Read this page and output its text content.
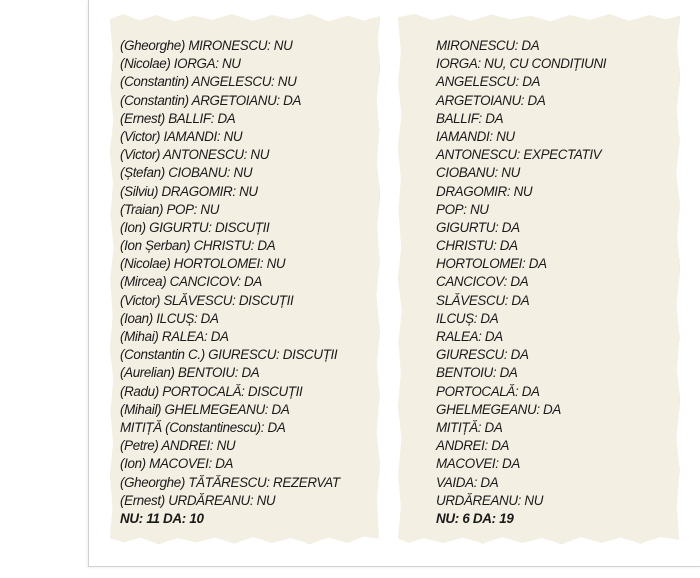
(Gheorghe) MIRONESCU: NU
(Nicolae) IORGA: NU
(Constantin) ANGELESCU: NU
(Constantin) ARGETOIANU: DA
(Ernest) BALLIF: DA
(Victor) IAMANDI: NU
(Victor) ANTONESCU: NU
(Ștefan) CIOBANU: NU
(Silviu) DRAGOMIR: NU
(Traian) POP: NU
(Ion) GIGURTU: DISCUȚII
(Ion Șerban) CHRISTU: DA
(Nicolae) HORTOLOMEI: NU
(Mircea) CANCICOV: DA
(Victor) SLĂVESCU: DISCUȚII
(Ioan) ILCUȘ: DA
(Mihai) RALEA: DA
(Constantin C.) GIURESCU: DISCUȚII
(Aurelian) BENTOIU: DA
(Radu) PORTOCALĂ: DISCUȚII
(Mihail) GHELMEGEANU: DA
MITIȚĂ (Constantinescu): DA
(Petre) ANDREI: NU
(Ion) MACOVEI: DA
(Gheorghe) TĂTĂRESCU: REZERVAT
(Ernest) URDĂREANU: NU
NU: 11 DA: 10
MIRONESCU: DA
IORGA: NU, CU CONDIȚIUNI
ANGELESCU: DA
ARGETOIANU: DA
BALLIF: DA
IAMANDI: NU
ANTONESCU: EXPECTATIV
CIOBANU: NU
DRAGOMIR: NU
POP: NU
GIGURTU: DA
CHRISTU: DA
HORTOLOMEI: DA
CANCICOV: DA
SLĂVESCU: DA
ILCUȘ: DA
RALEA: DA
GIURESCU: DA
BENTOIU: DA
PORTOCALĂ: DA
GHELMEGEANU: DA
MITIȚĂ: DA
ANDREI: DA
MACOVEI: DA
VAIDA: DA
URDĂREANU: NU
NU: 6 DA: 19
